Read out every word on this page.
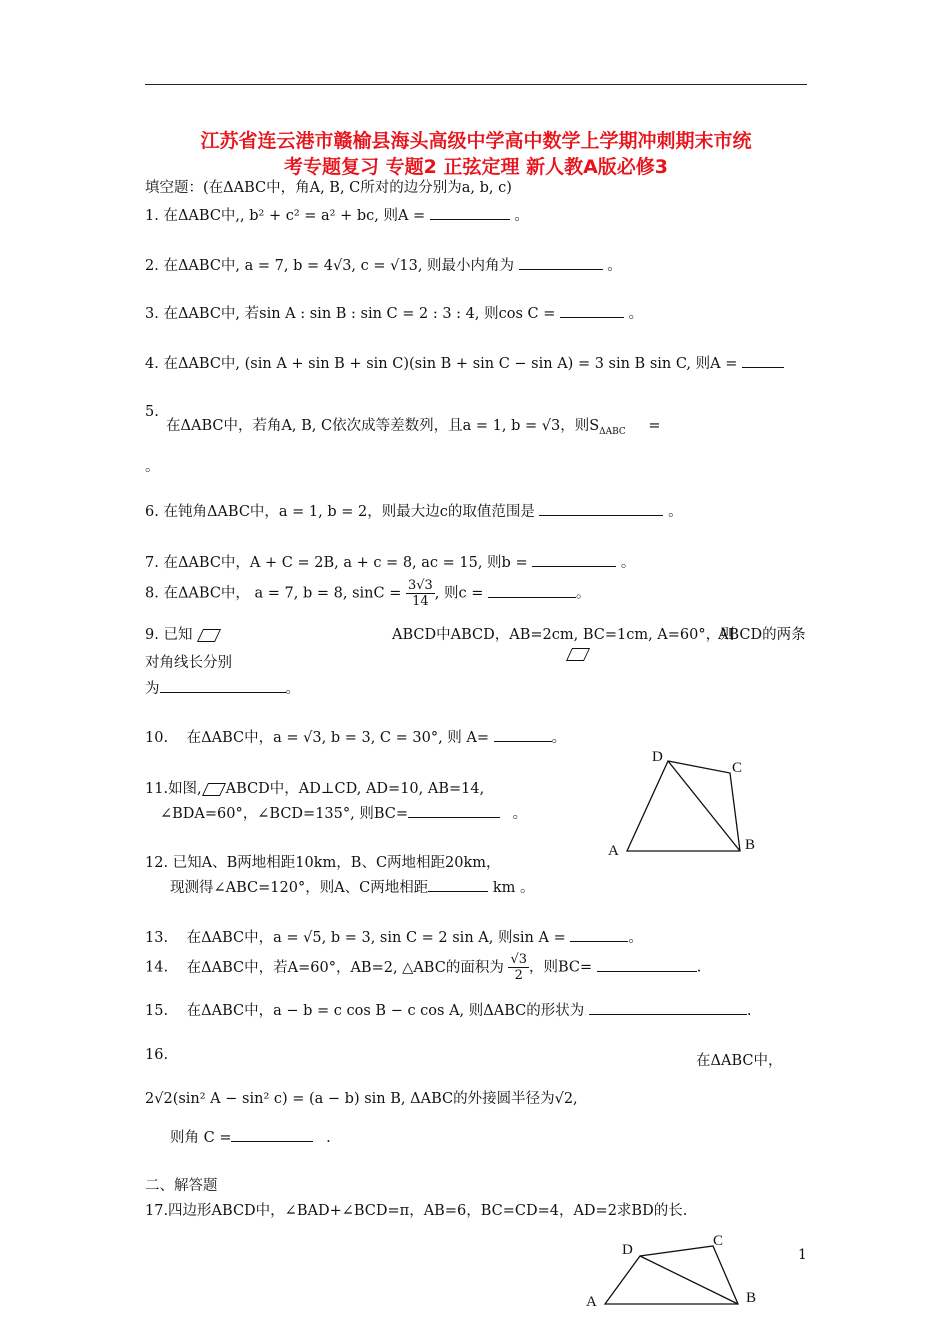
江苏省连云港市赣榆县海头高级中学高中数学上学期冲刺期末市统
考专题复习 专题2 正弦定理 新人教A版必修3
填空题：(在ΔABC中，角A, B, C所对的边分别为a, b, c)
1. 在ΔABC中,, b² + c² = a² + bc, 则A =	。
2. 在ΔABC中, a = 7, b = 4√3, c = √13, 则最小内角为	。
3. 在ΔABC中, 若sin A : sin B : sin C = 2 : 3 : 4, 则cos C =	。
4. 在ΔABC中, (sin A + sin B + sin C)(sin B + sin C − sin A) = 3 sin B sin C, 则A =
5.
在ΔABC中，若角A, B, C依次成等差数列，且a = 1, b = √3，则$S_{\Delta ABC}$ =
。
6. 在钝角ΔABC中，a = 1, b = 2，则最大边c的取值范围是	。
7. 在ΔABC中，A + C = 2B, a + c = 8, ac = 15, 则b =	。
8. 在ΔABC中， a = 7, b = 8, $\sin C = \frac{3√3}{14}$ , 则c =	。
9. 已知	ABCD中ABCD，AB=2cm, BC=1cm, A=60°，则
ABCD的两条
对角线长分别
为	。
10. 在ΔABC中，a = √3, b = 3, C = 30°, 则 A=	。
A	B
C
D
11.如图, ABCD中，AD⊥CD, AD=10, AB=14,
∠BDA=60°，∠BCD=135°, 则BC=	。
12. 已知A、B两地相距10km，B、C两地相距20km，
现测得∠ABC=120°，则A、C两地相距	km 。
13. 在ΔABC中，a = √5, b = 3, sin C = 2 sin A, 则sin A =	。
14. 在ΔABC中，若A=60°，AB=2, △ABC的面积为 $\frac{√3}{2}$ ，则BC=	.
15. 在ΔABC中，a − b = c cos B − c cos A, 则ΔABC的形状为	.
16.	在ΔABC中，
2√2(sin² A − sin² c) = (a − b) sin B, ΔABC的外接圆半径为√2,
则角 C =	.
二、解答题
17.四边形ABCD中，∠BAD+∠BCD=π，AB=6，BC=CD=4，AD=2求BD的长.
A	B
C
D	1
